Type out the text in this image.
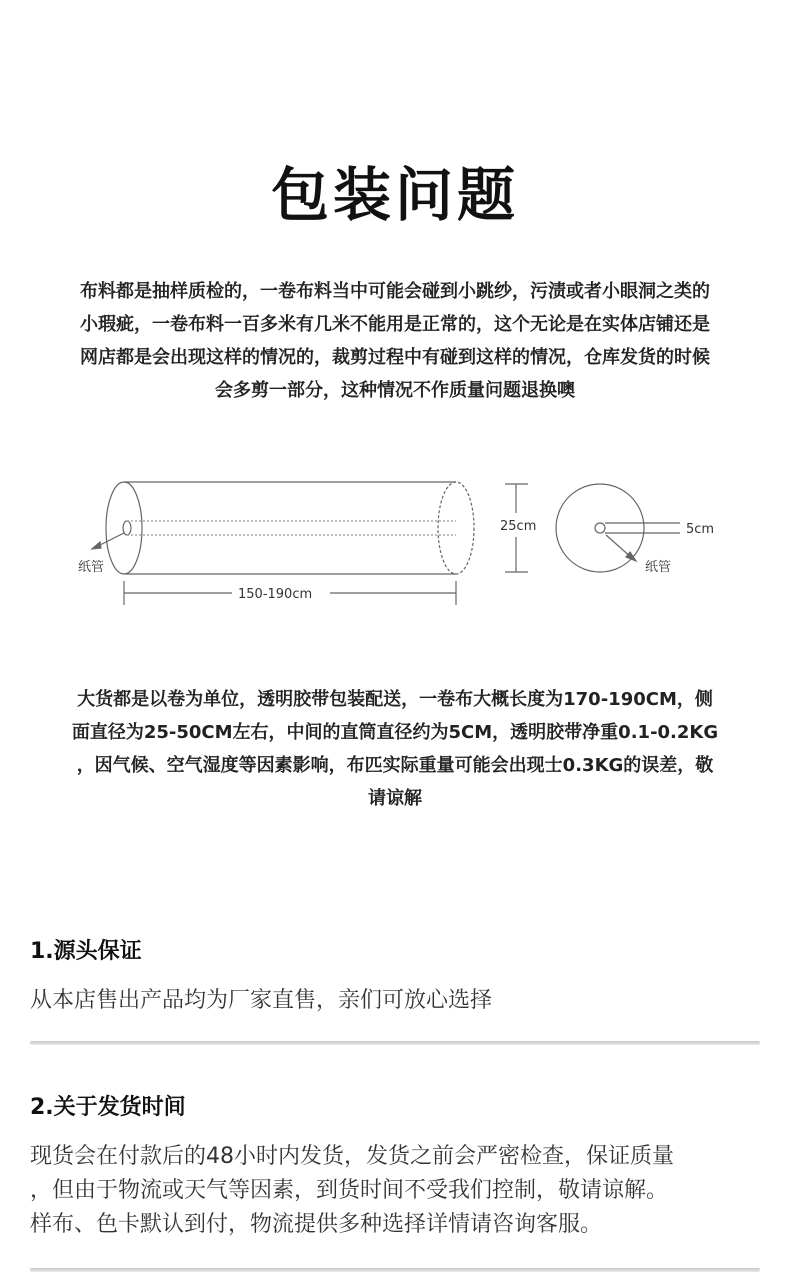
包装问题
布料都是抽样质检的，一卷布料当中可能会碰到小跳纱，污渍或者小眼洞之类的
小瑕疵，一卷布料一百多米有几米不能用是正常的，这个无论是在实体店铺还是
网店都是会出现这样的情况的，裁剪过程中有碰到这样的情况，仓库发货的时候
会多剪一部分，这种情况不作质量问题退换噢
纸管
150-190cm
25cm	5cm
纸管
大货都是以卷为单位，透明胶带包装配送，一卷布大概长度为170-190CM，侧
面直径为25-50CM左右，中间的直筒直径约为5CM，透明胶带净重0.1-0.2KG
，因气候、空气湿度等因素影响，布匹实际重量可能会出现士0.3KG的误差，敬
请谅解
1.源头保证
从本店售出产品均为厂家直售，亲们可放心选择
2.关于发货时间
现货会在付款后的48小时内发货，发货之前会严密检查，保证质量
，但由于物流或天气等因素，到货时间不受我们控制，敬请谅解。
样布、色卡默认到付，物流提供多种选择详情请咨询客服。
